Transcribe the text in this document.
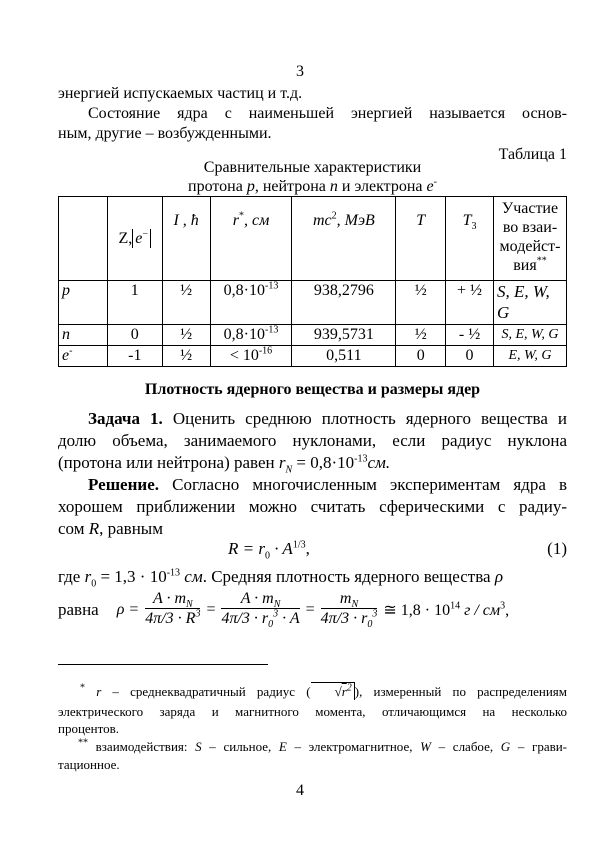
3
энергией испускаемых частиц и т.д.
Состояние ядра с наименьшей энергией называется основ-
ным, другие – возбужденными.
Таблица 1
Сравнительные характеристики
протона p, нейтрона n и электрона e-
	Z, e−	I , ħ	r*, см	$mc^2$, МэВ	T	$T_3$	Участие
во взаи-
модейст-
вия**

p	1	½	$0,8\cdot 10^{-13}$	938,2796	½	+ ½	S, E, W, G
n	0	½	$0,8\cdot 10^{-13}$	939,5731	½	- ½	S, E, W, G
e-	-1	½	< $10^{-16}$	0,511	0	0	E, W, G
Плотность ядерного вещества и размеры ядер
Задача 1. Оценить среднюю плотность ядерного вещества и
долю объема, занимаемого нуклонами, если радиус нуклона
(протона или нейтрона) равен $r_N = 0,8\cdot 10^{-13}см$.
Решение. Согласно многочисленным экспериментам ядра в
хорошем приближении можно считать сферическими с радиу-
сом R, равным
$R = r_0 \cdot A^{1/3}$,	(1)
где $r_0 = 1,3 \cdot 10^{-13}$ см. Средняя плотность ядерного вещества ρ
равна $\rho = \frac{A \cdot m_N}{4\pi/3 \cdot R^3} = \frac{A \cdot m_N}{4\pi/3 \cdot r_0^3 \cdot A} = \frac{m_N}{4\pi/3 \cdot r_0^3}$ ≅ $1,8 \cdot 10^{14}$ г / $см^3$,
* r – среднеквадратичный радиус ( $√r^2$ ), измеренный по распределениям
электрического заряда и магнитного момента, отличающимся на несколько
процентов.
** взаимодействия: S – сильное, E – электромагнитное, W – слабое, G – грави-
тационное.
4
